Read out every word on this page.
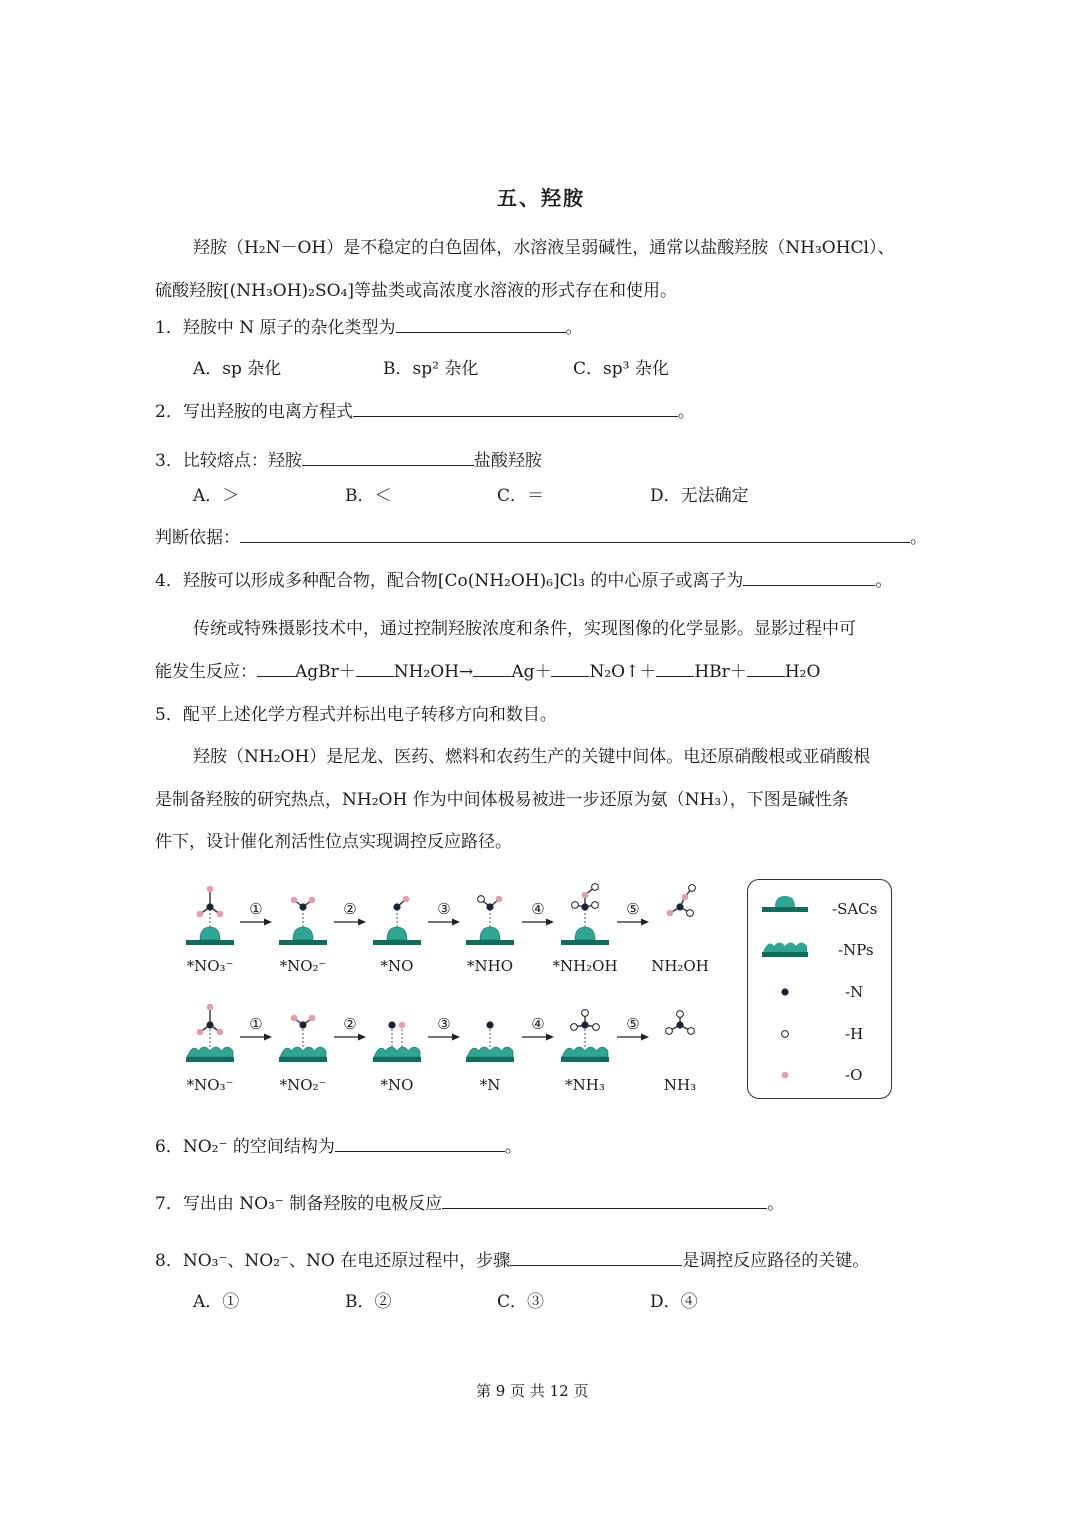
五、羟胺
羟胺（H₂N－OH）是不稳定的白色固体，水溶液呈弱碱性，通常以盐酸羟胺（NH₃OHCl）、
硫酸羟胺[(NH₃OH)₂SO₄]等盐类或高浓度水溶液的形式存在和使用。
1．羟胺中 N 原子的杂化类型为	。
A．sp 杂化	B．sp² 杂化	C．sp³ 杂化
2．写出羟胺的电离方程式	。
3．比较熔点：羟胺	盐酸羟胺
A．＞	B．＜	C．＝	D．无法确定
判断依据：	。
4．羟胺可以形成多种配合物，配合物[Co(NH₂OH)₆]Cl₃ 的中心原子或离子为	。
传统或特殊摄影技术中，通过控制羟胺浓度和条件，实现图像的化学显影。显影过程中可
能发生反应： AgBr＋ NH₂OH→ Ag＋ N₂O↑＋ HBr＋ H₂O
5．配平上述化学方程式并标出电子转移方向和数目。
羟胺（NH₂OH）是尼龙、医药、燃料和农药生产的关键中间体。电还原硝酸根或亚硝酸根
是制备羟胺的研究热点，NH₂OH 作为中间体极易被进一步还原为氨（NH₃），下图是碱性条
件下，设计催化剂活性位点实现调控反应路径。
①	②	③	④	⑤
①	②	③	④	⑤
*NO₃⁻	*NO₂⁻	*NO	*NHO	*NH₂OH	NH₂OH
*NO₃⁻	*NO₂⁻	*NO	*N	*NH₃	NH₃
-SACs
-NPs
-N
-H
-O
6．NO₂⁻ 的空间结构为	。
7．写出由 NO₃⁻ 制备羟胺的电极反应	。
8．NO₃⁻、NO₂⁻、NO 在电还原过程中，步骤	是调控反应路径的关键。
A．①	B．②	C．③	D．④
第 9 页 共 12 页
